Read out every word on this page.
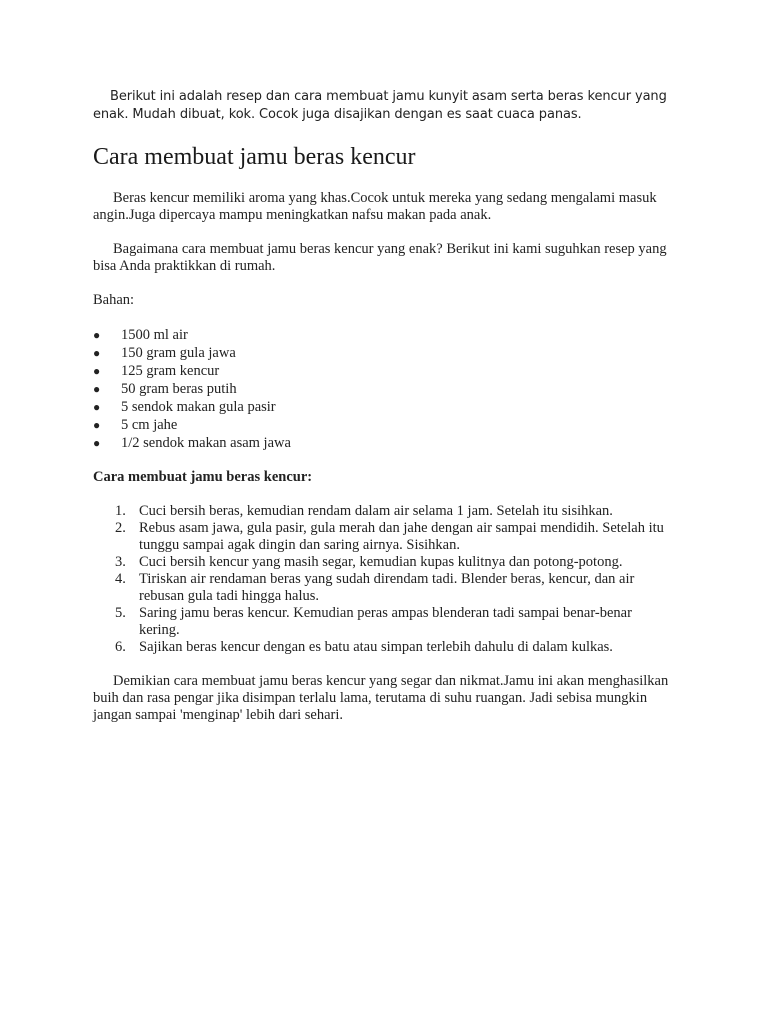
Berikut ini adalah resep dan cara membuat jamu kunyit asam serta beras kencur yang enak. Mudah dibuat, kok. Cocok juga disajikan dengan es saat cuaca panas.

Cara membuat jamu beras kencur

Beras kencur memiliki aroma yang khas.Cocok untuk mereka yang sedang mengalami masuk angin.Juga dipercaya mampu meningkatkan nafsu makan pada anak.

Bagaimana cara membuat jamu beras kencur yang enak? Berikut ini kami suguhkan resep yang bisa Anda praktikkan di rumah.

Bahan:

● 1500 ml air
● 150 gram gula jawa
● 125 gram kencur
● 50 gram beras putih
● 5 sendok makan gula pasir
● 5 cm jahe
● 1/2 sendok makan asam jawa

Cara membuat jamu beras kencur:

1. Cuci bersih beras, kemudian rendam dalam air selama 1 jam. Setelah itu sisihkan.
2. Rebus asam jawa, gula pasir, gula merah dan jahe dengan air sampai mendidih. Setelah itu tunggu sampai agak dingin dan saring airnya. Sisihkan.
3. Cuci bersih kencur yang masih segar, kemudian kupas kulitnya dan potong-potong.
4. Tiriskan air rendaman beras yang sudah direndam tadi. Blender beras, kencur, dan air rebusan gula tadi hingga halus.
5. Saring jamu beras kencur. Kemudian peras ampas blenderan tadi sampai benar-benar kering.
6. Sajikan beras kencur dengan es batu atau simpan terlebih dahulu di dalam kulkas.

Demikian cara membuat jamu beras kencur yang segar dan nikmat.Jamu ini akan menghasilkan buih dan rasa pengar jika disimpan terlalu lama, terutama di suhu ruangan. Jadi sebisa mungkin jangan sampai 'menginap' lebih dari sehari.
